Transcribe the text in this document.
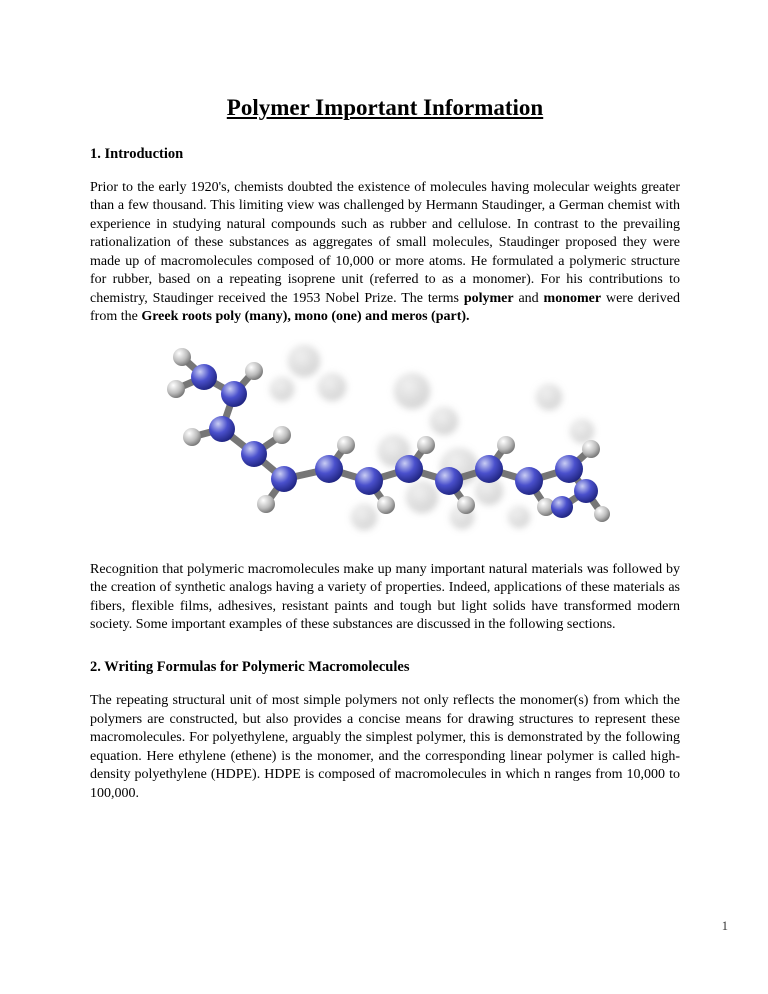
Polymer Important Information
1. Introduction

Prior to the early 1920's, chemists doubted the existence of molecules having molecular weights greater than a few thousand. This limiting view was challenged by Hermann Staudinger, a German chemist with experience in studying natural compounds such as rubber and cellulose. In contrast to the prevailing rationalization of these substances as aggregates of small molecules, Staudinger proposed they were made up of macromolecules composed of 10,000 or more atoms. He formulated a polymeric structure for rubber, based on a repeating isoprene unit (referred to as a monomer). For his contributions to chemistry, Staudinger received the 1953 Nobel Prize. The terms polymer and monomer were derived from the Greek roots poly (many), mono (one) and meros (part).

Recognition that polymeric macromolecules make up many important natural materials was followed by the creation of synthetic analogs having a variety of properties. Indeed, applications of these materials as fibers, flexible films, adhesives, resistant paints and tough but light solids have transformed modern society. Some important examples of these substances are discussed in the following sections.

2. Writing Formulas for Polymeric Macromolecules

The repeating structural unit of most simple polymers not only reflects the monomer(s) from which the polymers are constructed, but also provides a concise means for drawing structures to represent these macromolecules. For polyethylene, arguably the simplest polymer, this is demonstrated by the following equation. Here ethylene (ethene) is the monomer, and the corresponding linear polymer is called high-density polyethylene (HDPE). HDPE is composed of macromolecules in which n ranges from 10,000 to 100,000.

1
